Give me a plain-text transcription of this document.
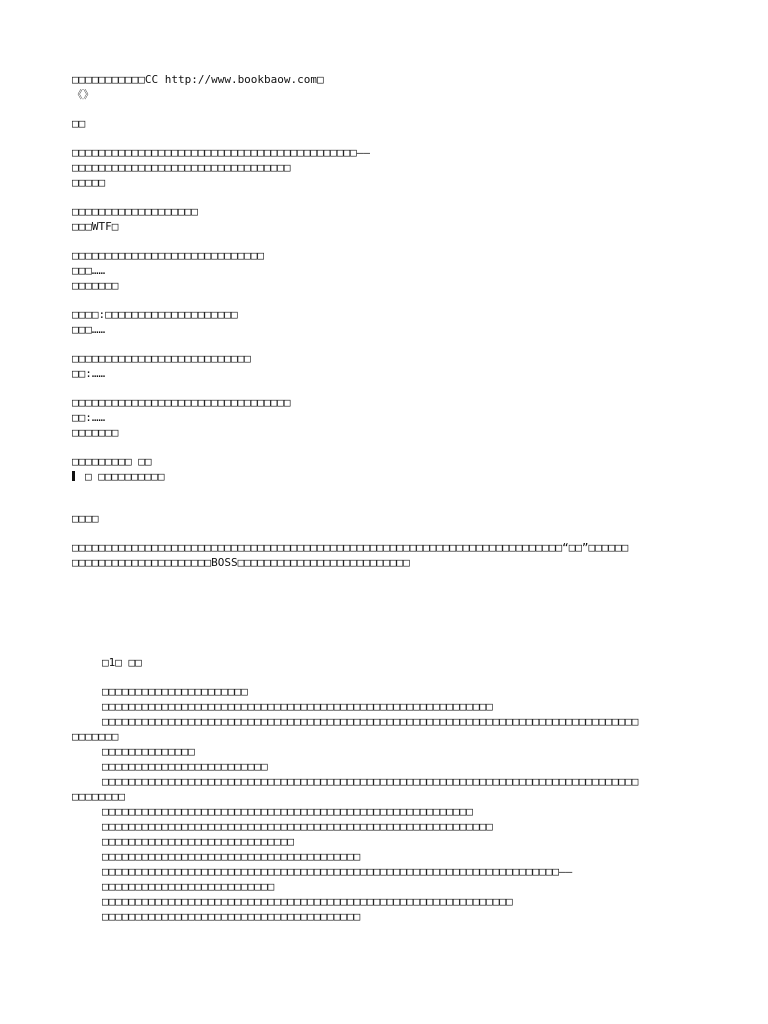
□□□□□□□□□□□CC http://www.bookbaow.com□
《》
□□
□□□□□□□□□□□□□□□□□□□□□□□□□□□□□□□□□□□□□□□□□□□——
□□□□□□□□□□□□□□□□□□□□□□□□□□□□□□□□□
□□□□□
□□□□□□□□□□□□□□□□□□□
□□□WTF□
□□□□□□□□□□□□□□□□□□□□□□□□□□□□□
□□□……
□□□□□□□
□□□□:□□□□□□□□□□□□□□□□□□□□
□□□……
□□□□□□□□□□□□□□□□□□□□□□□□□□□
□□:……
□□□□□□□□□□□□□□□□□□□□□□□□□□□□□□□□□
□□:……
□□□□□□□
□□□□□□□□□ □□
□ □□□□□□□□□□
□□□□
□□□□□□□□□□□□□□□□□□□□□□□□□□□□□□□□□□□□□□□□□□□□□□□□□□□□□□□□□□□□□□□□□□□□□□□□□□“□□”□□□□□□
□□□□□□□□□□□□□□□□□□□□□BOSS□□□□□□□□□□□□□□□□□□□□□□□□□□
□1□ □□
□□□□□□□□□□□□□□□□□□□□□□
□□□□□□□□□□□□□□□□□□□□□□□□□□□□□□□□□□□□□□□□□□□□□□□□□□□□□□□□□□□
□□□□□□□□□□□□□□□□□□□□□□□□□□□□□□□□□□□□□□□□□□□□□□□□□□□□□□□□□□□□□□□□□□□□□□□□□□□□□□□□□
□□□□□□□
□□□□□□□□□□□□□□
□□□□□□□□□□□□□□□□□□□□□□□□□
□□□□□□□□□□□□□□□□□□□□□□□□□□□□□□□□□□□□□□□□□□□□□□□□□□□□□□□□□□□□□□□□□□□□□□□□□□□□□□□□□
□□□□□□□□
□□□□□□□□□□□□□□□□□□□□□□□□□□□□□□□□□□□□□□□□□□□□□□□□□□□□□□□□
□□□□□□□□□□□□□□□□□□□□□□□□□□□□□□□□□□□□□□□□□□□□□□□□□□□□□□□□□□□
□□□□□□□□□□□□□□□□□□□□□□□□□□□□□
□□□□□□□□□□□□□□□□□□□□□□□□□□□□□□□□□□□□□□□
□□□□□□□□□□□□□□□□□□□□□□□□□□□□□□□□□□□□□□□□□□□□□□□□□□□□□□□□□□□□□□□□□□□□□——
□□□□□□□□□□□□□□□□□□□□□□□□□□
□□□□□□□□□□□□□□□□□□□□□□□□□□□□□□□□□□□□□□□□□□□□□□□□□□□□□□□□□□□□□□
□□□□□□□□□□□□□□□□□□□□□□□□□□□□□□□□□□□□□□□
